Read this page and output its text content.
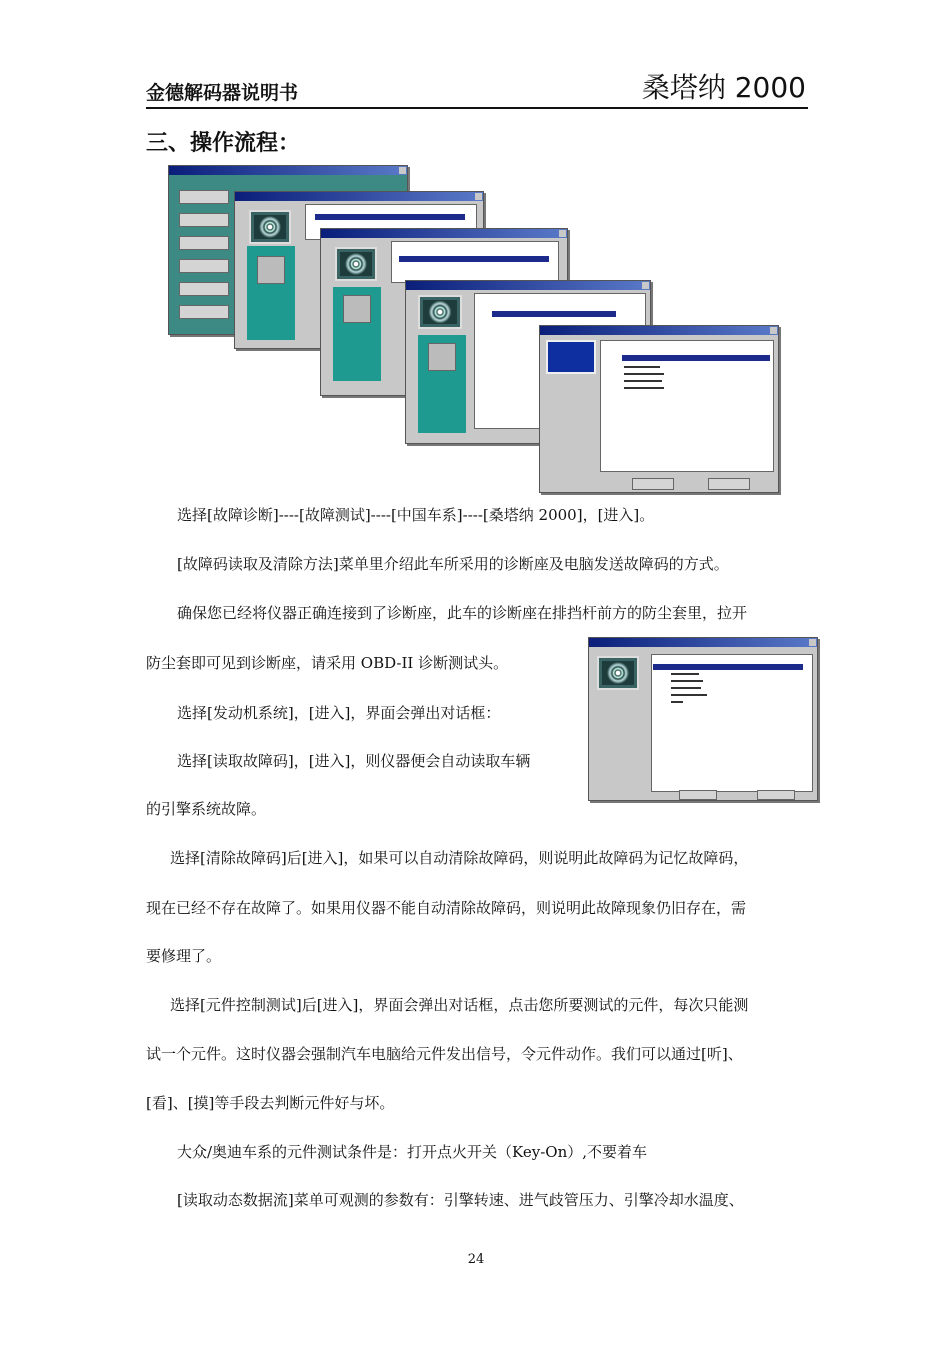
金德解码器说明书	桑塔纳 2000
三、操作流程：
选择[故障诊断]----[故障测试]----[中国车系]----[桑塔纳 2000]，[进入]。
[故障码读取及清除方法]菜单里介绍此车所采用的诊断座及电脑发送故障码的方式。
确保您已经将仪器正确连接到了诊断座，此车的诊断座在排挡杆前方的防尘套里，拉开
防尘套即可见到诊断座，请采用 OBD-II 诊断测试头。
选择[发动机系统]，[进入]，界面会弹出对话框：
选择[读取故障码]，[进入]，则仪器便会自动读取车辆
的引擎系统故障。
选择[清除故障码]后[进入]，如果可以自动清除故障码，则说明此故障码为记忆故障码，
现在已经不存在故障了。如果用仪器不能自动清除故障码，则说明此故障现象仍旧存在，需
要修理了。
选择[元件控制测试]后[进入]，界面会弹出对话框，点击您所要测试的元件，每次只能测
试一个元件。这时仪器会强制汽车电脑给元件发出信号，令元件动作。我们可以通过[听]、
[看]、[摸]等手段去判断元件好与坏。
大众/奥迪车系的元件测试条件是：打开点火开关（Key-On）,不要着车
[读取动态数据流]菜单可观测的参数有：引擎转速、进气歧管压力、引擎冷却水温度、
24
